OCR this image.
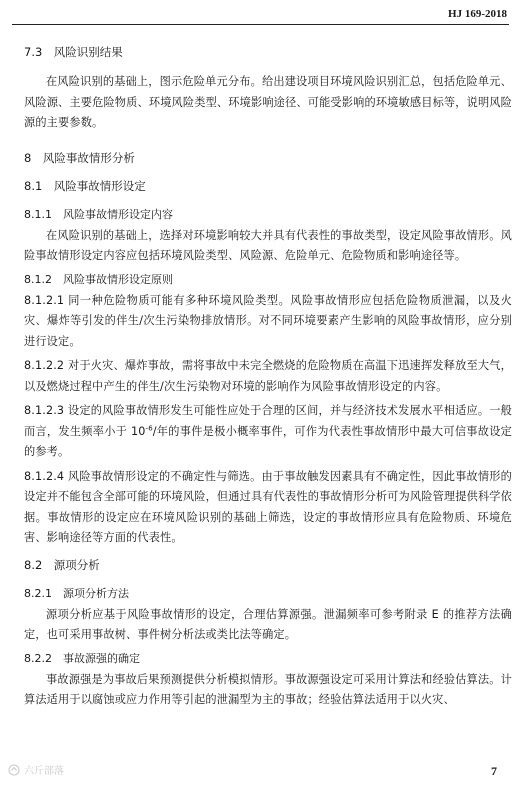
HJ 169-2018

7.3　风险识别结果

在风险识别的基础上，图示危险单元分布。给出建设项目环境风险识别汇总，包括危险单元、风险源、主要危险物质、环境风险类型、环境影响途径、可能受影响的环境敏感目标等，说明风险源的主要参数。

8　风险事故情形分析

8.1　风险事故情形设定

8.1.1　风险事故情形设定内容

在风险识别的基础上，选择对环境影响较大并具有代表性的事故类型，设定风险事故情形。风险事故情形设定内容应包括环境风险类型、风险源、危险单元、危险物质和影响途径等。

8.1.2　风险事故情形设定原则

8.1.2.1 同一种危险物质可能有多种环境风险类型。风险事故情形应包括危险物质泄漏，以及火灾、爆炸等引发的伴生/次生污染物排放情形。对不同环境要素产生影响的风险事故情形，应分别进行设定。

8.1.2.2 对于火灾、爆炸事故，需将事故中未完全燃烧的危险物质在高温下迅速挥发释放至大气，以及燃烧过程中产生的伴生/次生污染物对环境的影响作为风险事故情形设定的内容。

8.1.2.3 设定的风险事故情形发生可能性应处于合理的区间，并与经济技术发展水平相适应。一般而言，发生频率小于 $10^{-6}/$年的事件是极小概率事件，可作为代表性事故情形中最大可信事故设定的参考。

8.1.2.4 风险事故情形设定的不确定性与筛选。由于事故触发因素具有不确定性，因此事故情形的设定并不能包含全部可能的环境风险，但通过具有代表性的事故情形分析可为风险管理提供科学依据。事故情形的设定应在环境风险识别的基础上筛选，设定的事故情形应具有危险物质、环境危害、影响途径等方面的代表性。

8.2　源项分析

8.2.1　源项分析方法

源项分析应基于风险事故情形的设定，合理估算源强。泄漏频率可参考附录 E 的推荐方法确定，也可采用事故树、事件树分析法或类比法等确定。

8.2.2　事故源强的确定

事故源强是为事故后果预测提供分析模拟情形。事故源强设定可采用计算法和经验估算法。计算法适用于以腐蚀或应力作用等引起的泄漏型为主的事故；经验估算法适用于以火灾、

六斤部落	7
